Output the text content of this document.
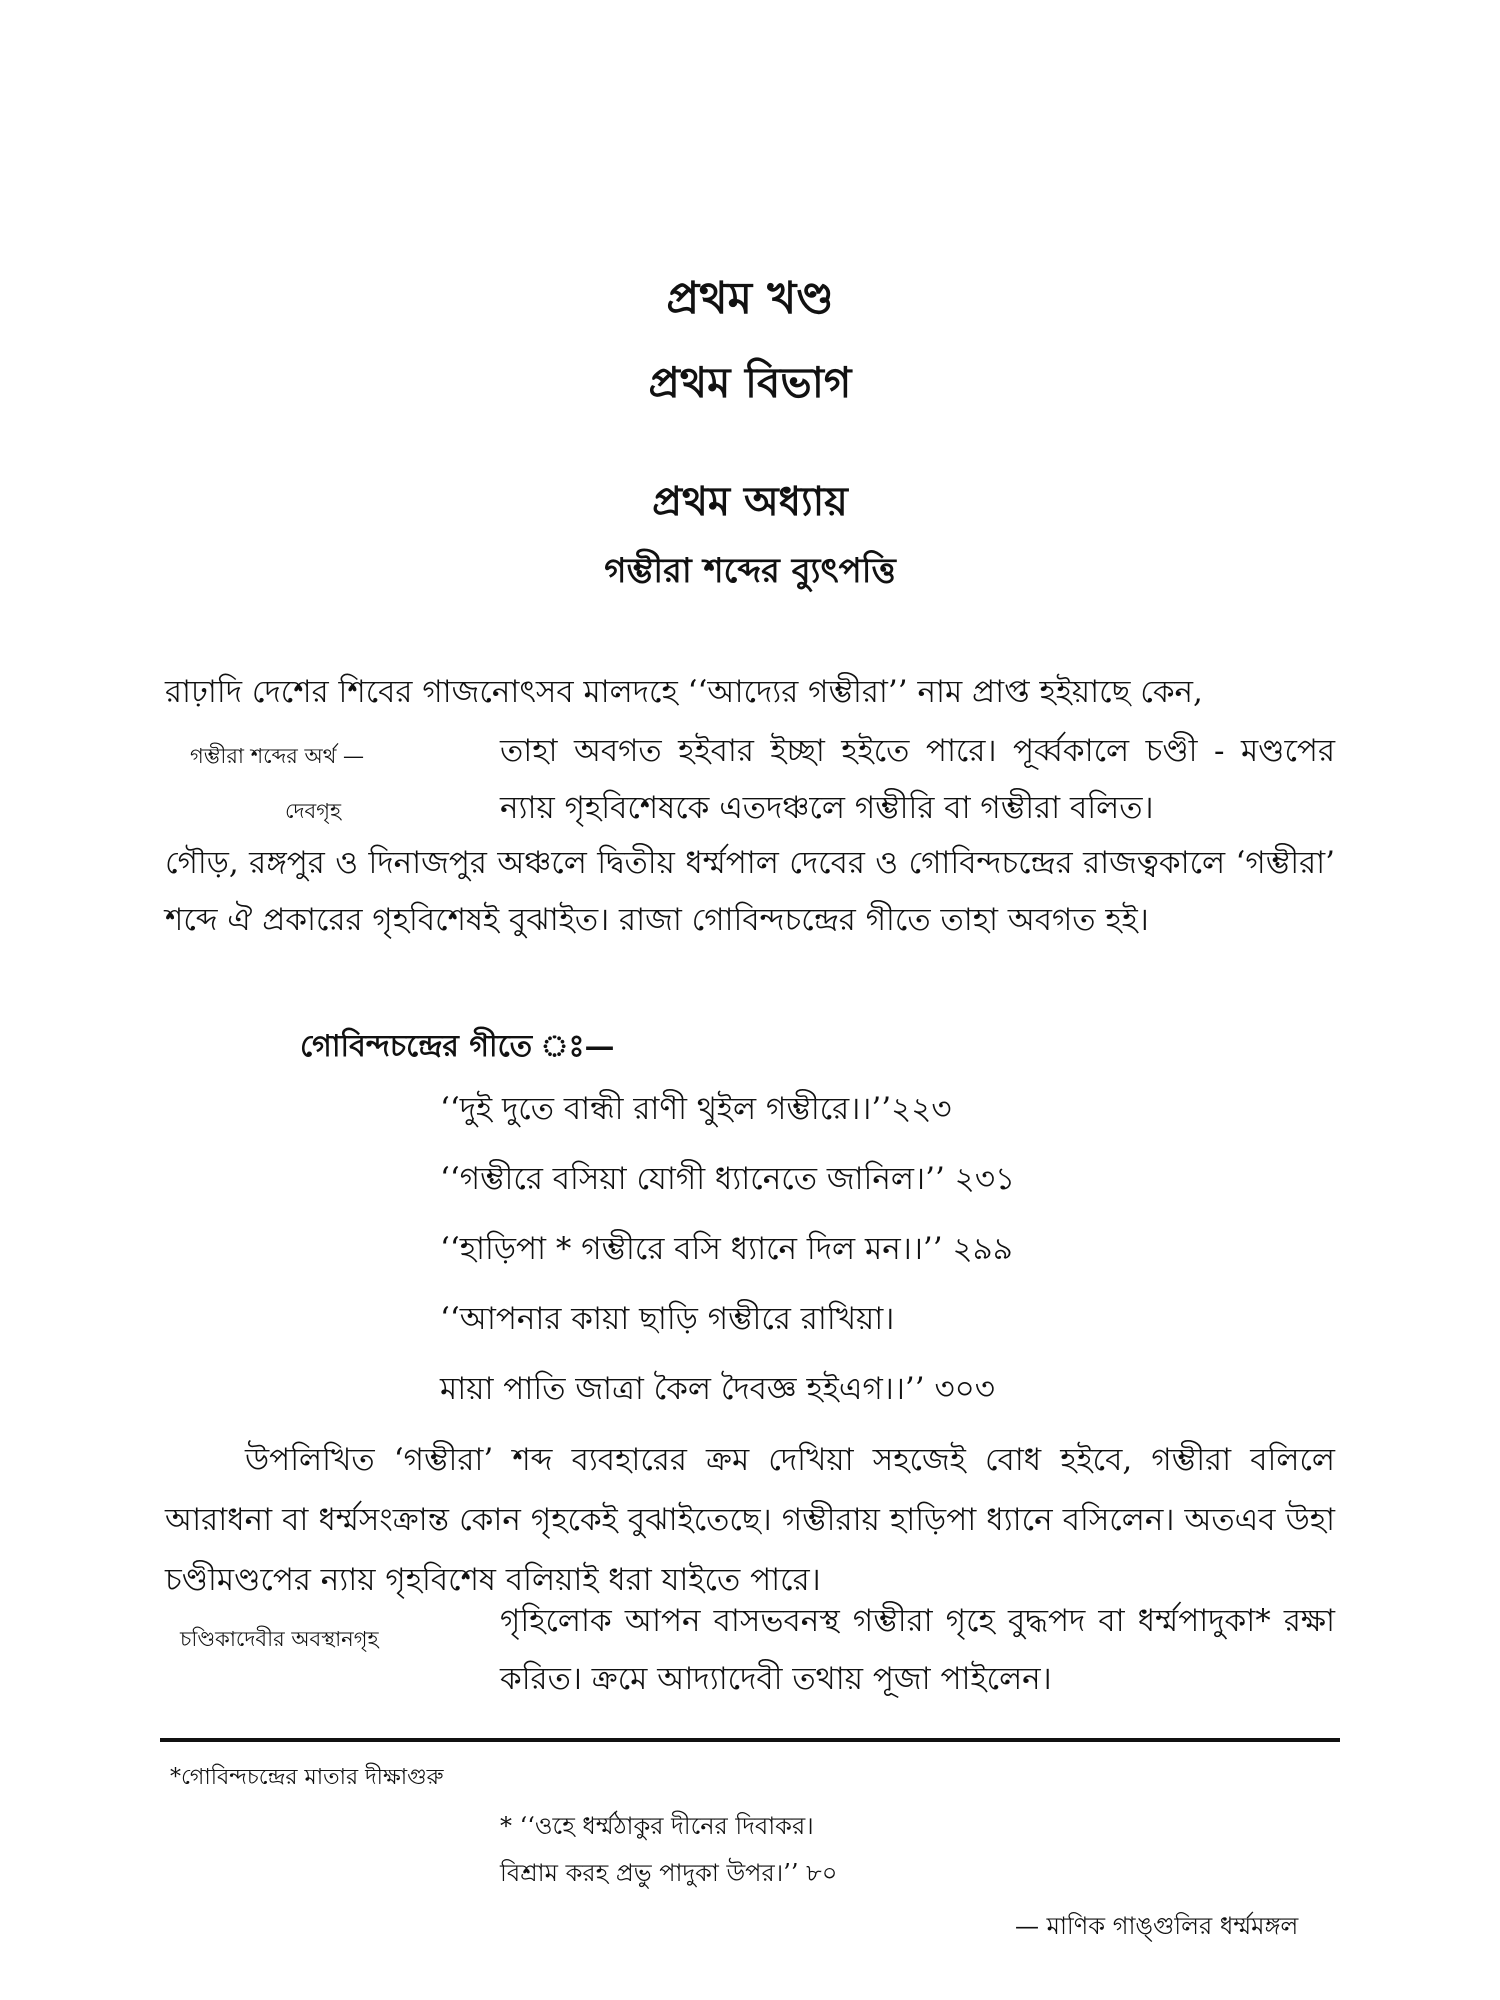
প্রথম খণ্ড
প্রথম বিভাগ
প্রথম অধ্যায়
গম্ভীরা শব্দের ব্যুৎপত্তি
রাঢ়াদি দেশের শিবের গাজনোৎসব মালদহে ‘‘আদ্যের গম্ভীরা’’ নাম প্রাপ্ত হইয়াছে কেন,
গম্ভীরা শব্দের অর্থ —
দেবগৃহ
তাহা অবগত হইবার ইচ্ছা হইতে পারে। পূর্ব্বকালে চণ্ডী - মণ্ডপের ন্যায় গৃহবিশেষকে এতদঞ্চলে গম্ভীরি বা গম্ভীরা বলিত।
গৌড়, রঙ্গপুর ও দিনাজপুর অঞ্চলে দ্বিতীয় ধর্ম্মপাল দেবের ও গোবিন্দচন্দ্রের রাজত্বকালে ‘গম্ভীরা’ শব্দে ঐ প্রকারের গৃহবিশেষই বুঝাইত। রাজা গোবিন্দচন্দ্রের গীতে তাহা অবগত হই।
গোবিন্দচন্দ্রের গীতে ঃ—
‘‘দুই দুতে বান্ধী রাণী থুইল গম্ভীরে।।’’২২৩
‘‘গম্ভীরে বসিয়া যোগী ধ্যানেতে জানিল।’’ ২৩১
‘‘হাড়িপা * গম্ভীরে বসি ধ্যানে দিল মন।।’’ ২৯৯
‘‘আপনার কায়া ছাড়ি গম্ভীরে রাখিয়া।
মায়া পাতি জাত্রা কৈল দৈবজ্ঞ হইএগ।।’’ ৩০৩
উপলিখিত ‘গম্ভীরা’ শব্দ ব্যবহারের ক্রম দেখিয়া সহজেই বোধ হইবে, গম্ভীরা বলিলে আরাধনা বা ধর্ম্মসংক্রান্ত কোন গৃহকেই বুঝাইতেছে। গম্ভীরায় হাড়িপা ধ্যানে বসিলেন। অতএব উহা চণ্ডীমণ্ডপের ন্যায় গৃহবিশেষ বলিয়াই ধরা যাইতে পারে।
চণ্ডিকাদেবীর অবস্থানগৃহ	গৃহিলোক আপন বাসভবনস্থ গম্ভীরা গৃহে বুদ্ধপদ বা ধর্ম্মপাদুকা* রক্ষা করিত। ক্রমে আদ্যাদেবী তথায় পূজা পাইলেন।
*গোবিন্দচন্দ্রের মাতার দীক্ষাগুরু
* ‘‘ওহে ধর্ম্মঠাকুর দীনের দিবাকর।
বিশ্রাম করহ প্রভু পাদুকা উপর।’’ ৮০
— মাণিক গাঙ্গুলির ধর্ম্মমঙ্গল
